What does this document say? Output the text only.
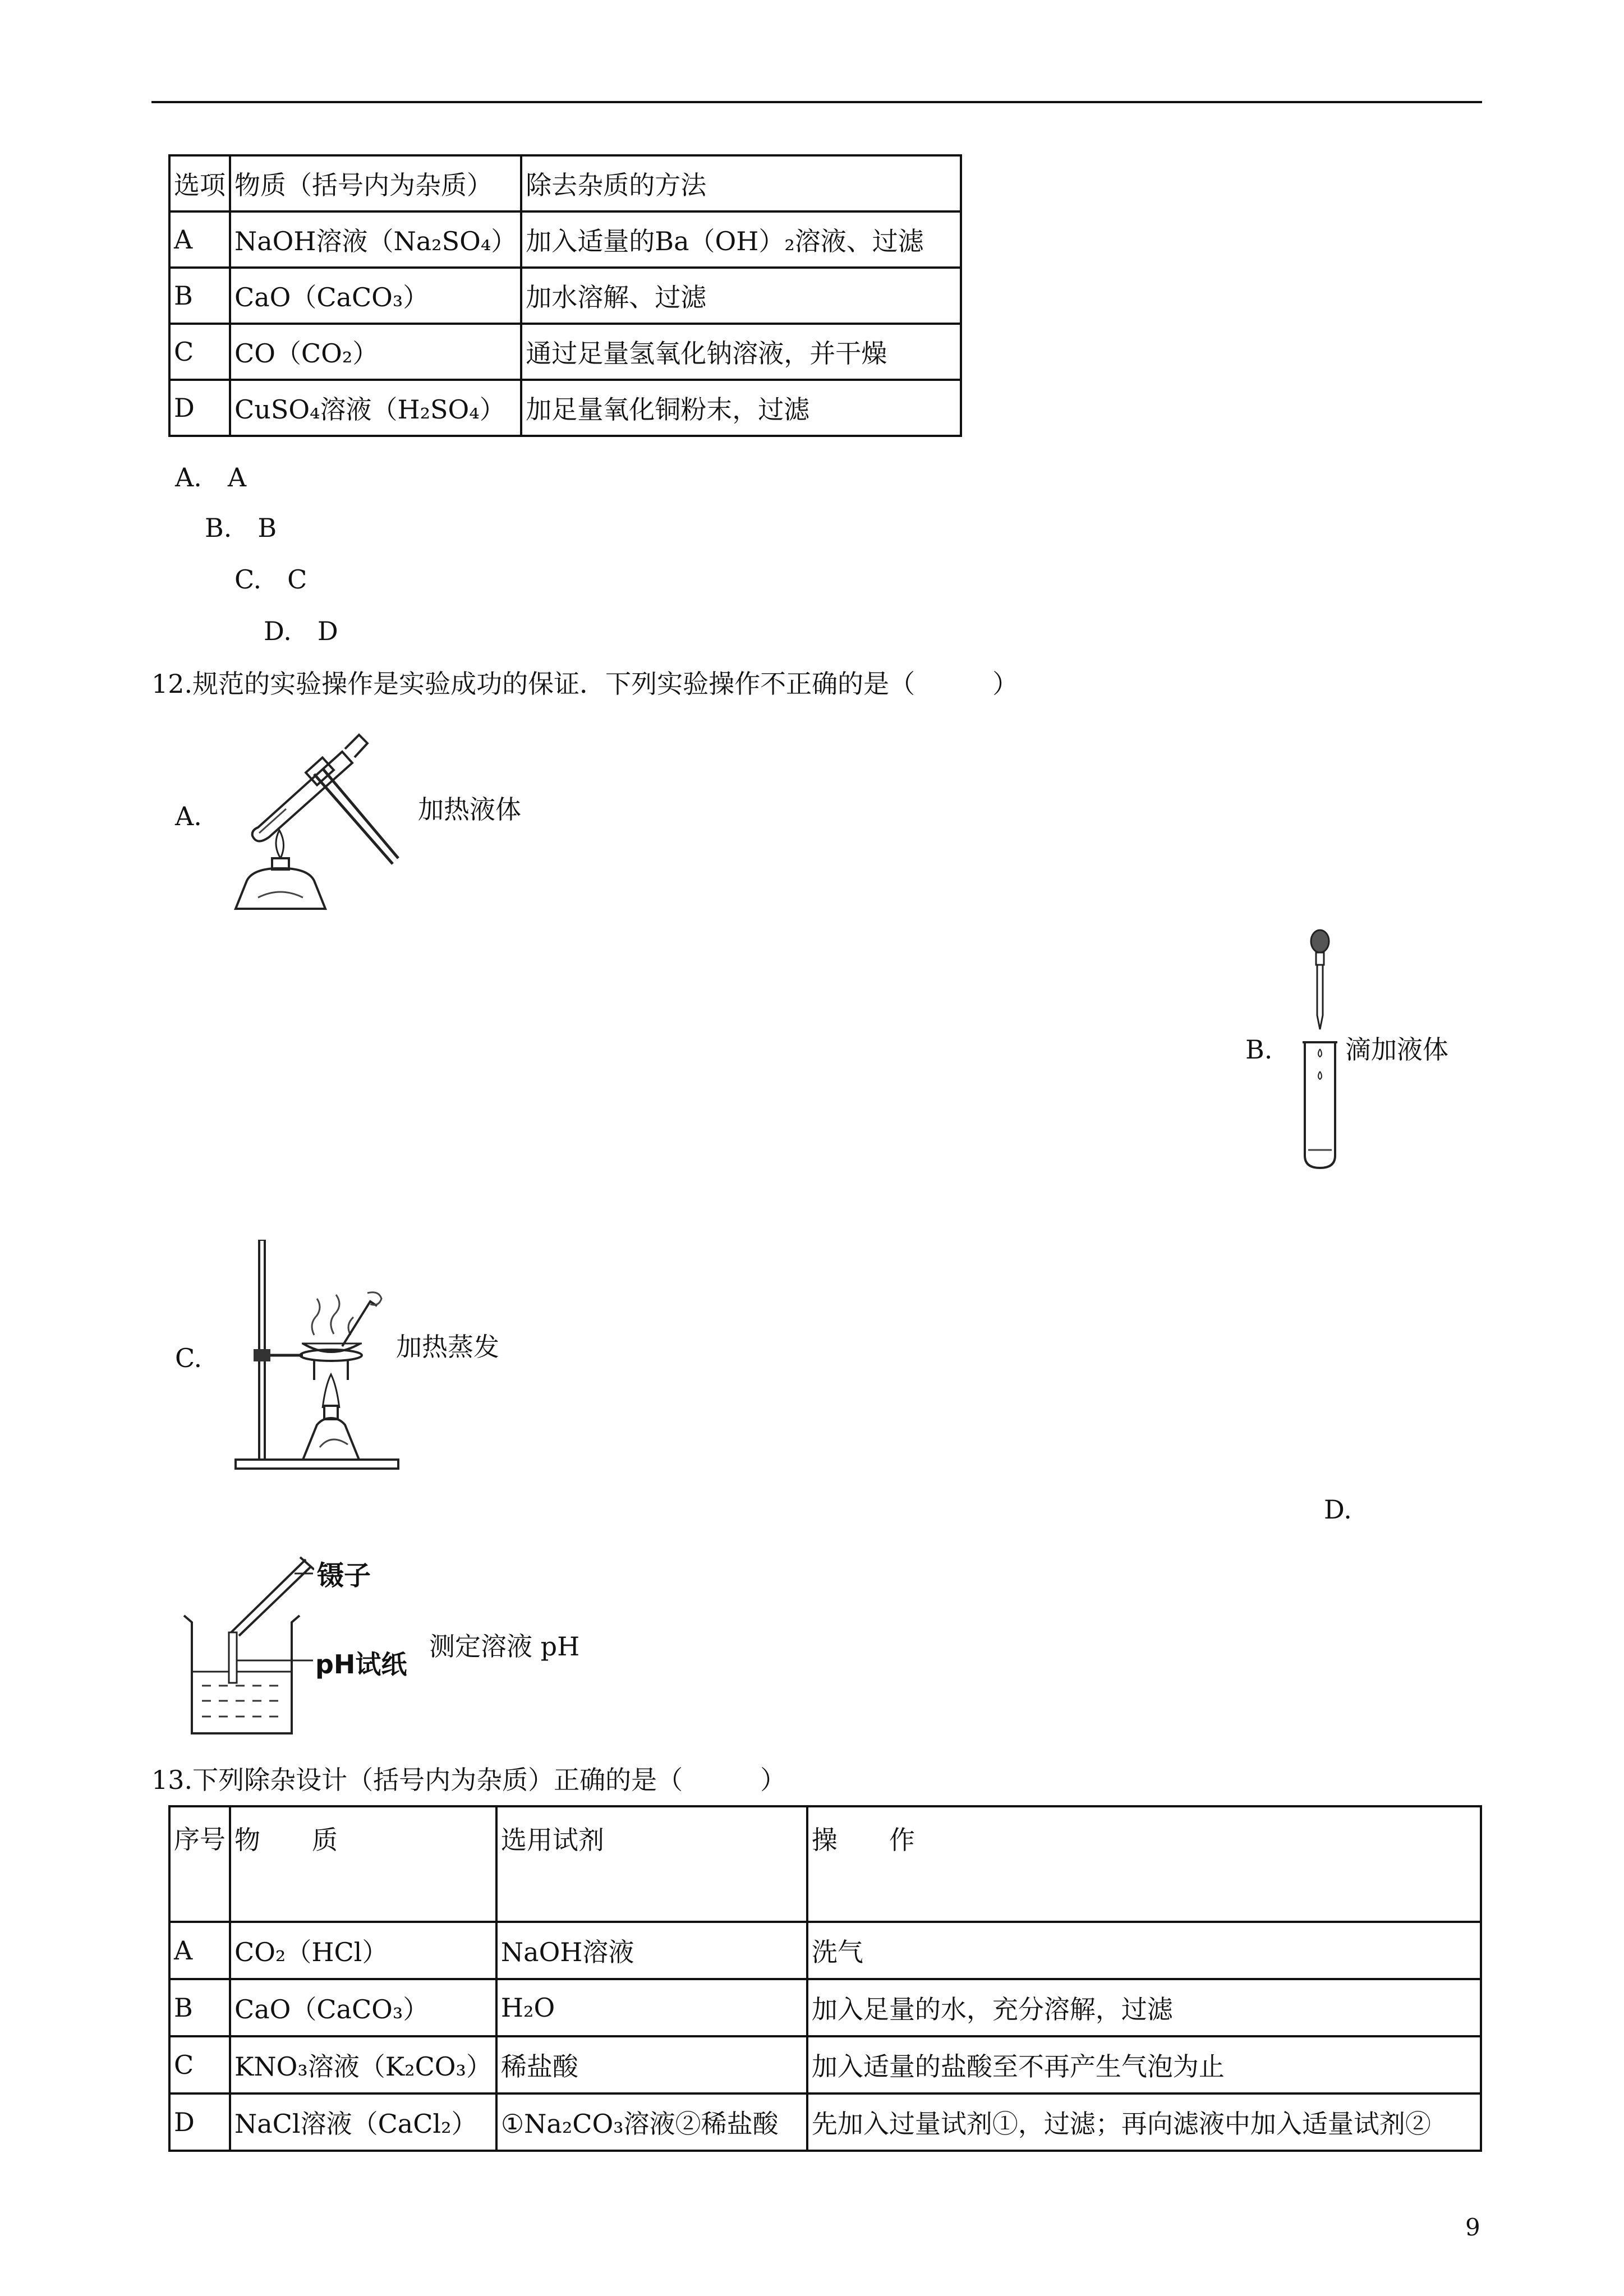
选项	物质（括号内为杂质）	除去杂质的方法
A	NaOH溶液（Na₂SO₄）	加入适量的Ba（OH）₂溶液、过滤
B	CaO（CaCO₃）	加水溶解、过滤
C	CO（CO₂）	通过足量氢氧化钠溶液，并干燥
D	CuSO₄溶液（H₂SO₄）	加足量氧化铜粉末，过滤
A.　A
B.　B
C.　C
D.　D
12.规范的实验操作是实验成功的保证．下列实验操作不正确的是（　　　）
A.	加热液体
B.	滴加液体
C.	加热蒸发
D.
镊子
pH试纸
测定溶液 pH
13.下列除杂设计（括号内为杂质）正确的是（　　　）
序号	物　　质	选用试剂	操　　作
A	CO₂（HCl）	NaOH溶液	洗气
B	CaO（CaCO₃）	H₂O	加入足量的水，充分溶解，过滤
C	KNO₃溶液（K₂CO₃）	稀盐酸	加入适量的盐酸至不再产生气泡为止
D	NaCl溶液（CaCl₂）	①Na₂CO₃溶液②稀盐酸	先加入过量试剂①，过滤；再向滤液中加入适量试剂②
9
